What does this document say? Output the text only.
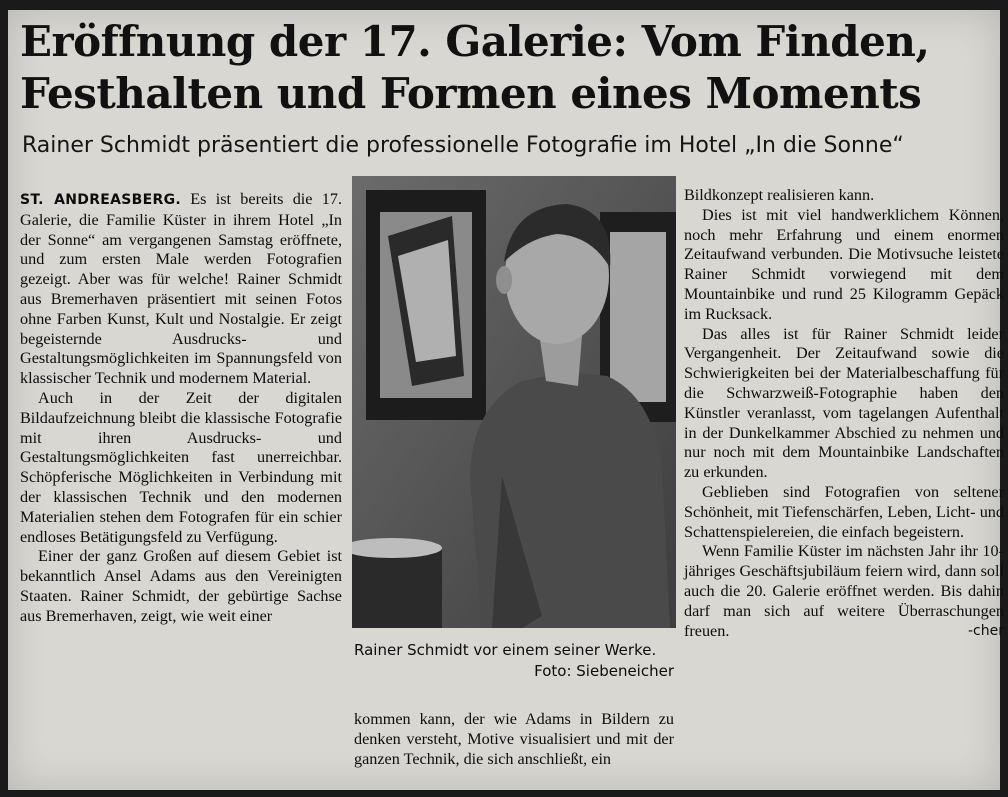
Eröffnung der 17. Galerie: Vom Finden,
Festhalten und Formen eines Moments

Rainer Schmidt präsentiert die professionelle Fotografie im Hotel „In die Sonne“

ST. ANDREASBERG. Es ist bereits die 17. Galerie, die Familie Küster in ihrem Hotel „In der Sonne“ am vergangenen Samstag eröffnete, und zum ersten Male werden Fotografien gezeigt. Aber was für welche! Rainer Schmidt aus Bremerhaven präsentiert mit seinen Fotos ohne Farben Kunst, Kult und Nostalgie. Er zeigt begeisternde Ausdrucks- und Gestaltungsmöglichkeiten im Spannungsfeld von klassischer Technik und modernem Material.

Auch in der Zeit der digitalen Bildaufzeichnung bleibt die klassische Fotografie mit ihren Ausdrucks- und Gestaltungsmöglichkeiten fast unerreichbar. Schöpferische Möglichkeiten in Verbindung mit der klassischen Technik und den modernen Materialien stehen dem Fotografen für ein schier endloses Betätigungsfeld zu Verfügung.

Einer der ganz Großen auf diesem Gebiet ist bekanntlich Ansel Adams aus den Vereinigten Staaten. Rainer Schmidt, der gebürtige Sachse aus Bremerhaven, zeigt, wie weit einer

Rainer Schmidt vor einem seiner Werke.
Foto: Siebeneicher

kommen kann, der wie Adams in Bildern zu denken versteht, Motive visualisiert und mit der ganzen Technik, die sich anschließt, ein

Bildkonzept realisieren kann.

Dies ist mit viel handwerklichem Können, noch mehr Erfahrung und einem enormen Zeitaufwand verbunden. Die Motivsuche leistete Rainer Schmidt vorwiegend mit dem Mountainbike und rund 25 Kilogramm Gepäck im Rucksack.

Das alles ist für Rainer Schmidt leider Vergangenheit. Der Zeitaufwand sowie die Schwierigkeiten bei der Materialbeschaffung für die Schwarzweiß-Fotographie haben den Künstler veranlasst, vom tagelangen Aufenthalt in der Dunkelkammer Abschied zu nehmen und nur noch mit dem Mountainbike Landschaften zu erkunden.

Geblieben sind Fotografien von seltener Schönheit, mit Tiefenschärfen, Leben, Licht- und Schattenspielereien, die einfach begeistern.

Wenn Familie Küster im nächsten Jahr ihr 10-jähriges Geschäftsjubiläum feiern wird, dann soll auch die 20. Galerie eröffnet werden. Bis dahin darf man sich auf weitere Überraschungen freuen.	-cher
